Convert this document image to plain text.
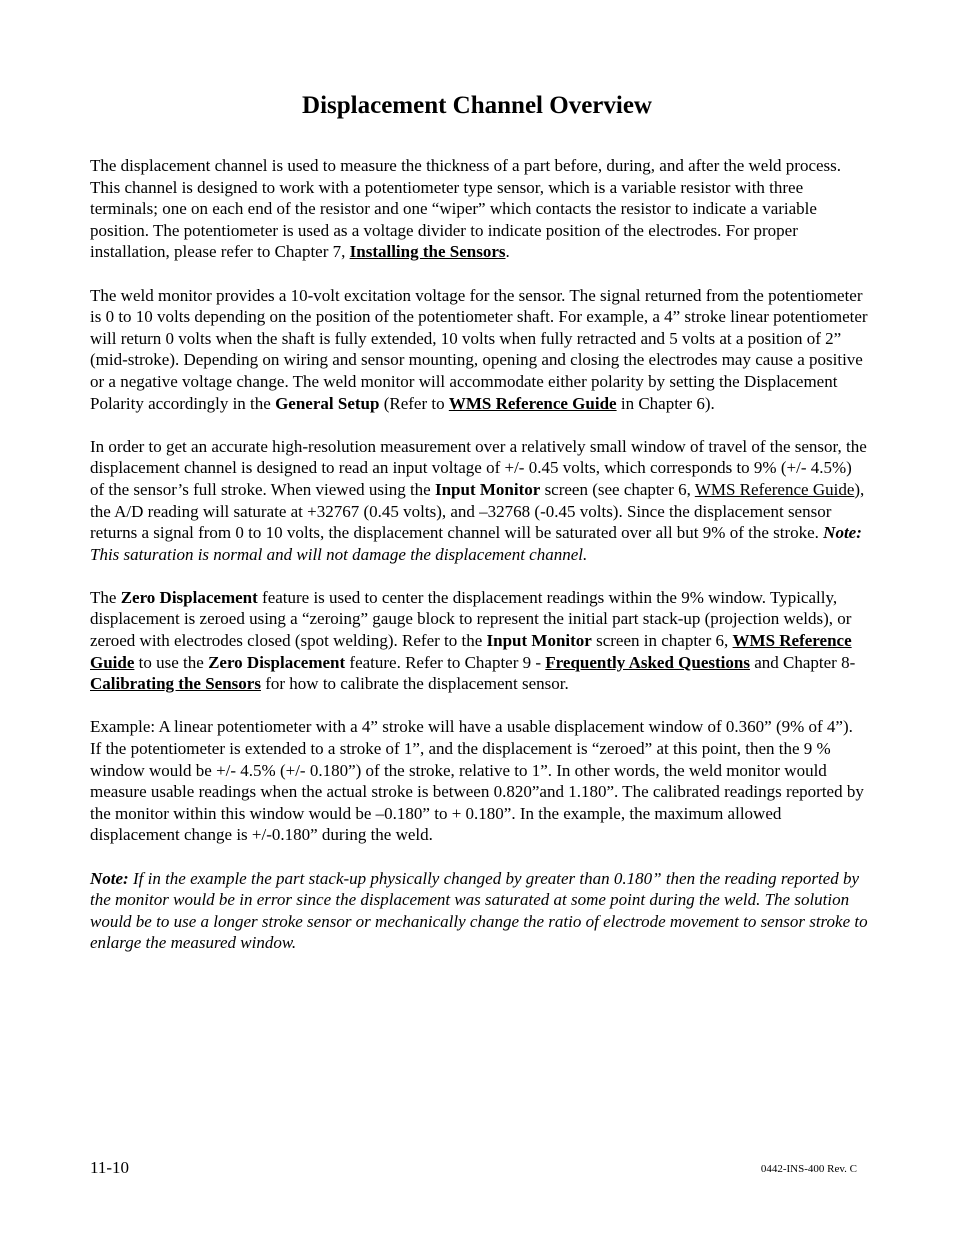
Displacement Channel Overview

The displacement channel is used to measure the thickness of a part before, during, and after the weld process. This channel is designed to work with a potentiometer type sensor, which is a variable resistor with three terminals; one on each end of the resistor and one “wiper” which contacts the resistor to indicate a variable position. The potentiometer is used as a voltage divider to indicate position of the electrodes. For proper installation, please refer to Chapter 7, Installing the Sensors.

The weld monitor provides a 10-volt excitation voltage for the sensor. The signal returned from the potentiometer is 0 to 10 volts depending on the position of the potentiometer shaft. For example, a 4” stroke linear potentiometer will return 0 volts when the shaft is fully extended, 10 volts when fully retracted and 5 volts at a position of 2” (mid-stroke). Depending on wiring and sensor mounting, opening and closing the electrodes may cause a positive or a negative voltage change. The weld monitor will accommodate either polarity by setting the Displacement Polarity accordingly in the General Setup (Refer to WMS Reference Guide in Chapter 6).

In order to get an accurate high-resolution measurement over a relatively small window of travel of the sensor, the displacement channel is designed to read an input voltage of +/- 0.45 volts, which corresponds to 9% (+/- 4.5%) of the sensor’s full stroke. When viewed using the Input Monitor screen (see chapter 6, WMS Reference Guide), the A/D reading will saturate at +32767 (0.45 volts), and –32768 (-0.45 volts). Since the displacement sensor returns a signal from 0 to 10 volts, the displacement channel will be saturated over all but 9% of the stroke. Note: This saturation is normal and will not damage the displacement channel.

The Zero Displacement feature is used to center the displacement readings within the 9% window. Typically, displacement is zeroed using a “zeroing” gauge block to represent the initial part stack-up (projection welds), or zeroed with electrodes closed (spot welding). Refer to the Input Monitor screen in chapter 6, WMS Reference Guide to use the Zero Displacement feature. Refer to Chapter 9 - Frequently Asked Questions and Chapter 8- Calibrating the Sensors for how to calibrate the displacement sensor.

Example: A linear potentiometer with a 4” stroke will have a usable displacement window of 0.360” (9% of 4”). If the potentiometer is extended to a stroke of 1”, and the displacement is “zeroed” at this point, then the 9 % window would be +/- 4.5% (+/- 0.180”) of the stroke, relative to 1”. In other words, the weld monitor would measure usable readings when the actual stroke is between 0.820”and 1.180”. The calibrated readings reported by the monitor within this window would be –0.180” to + 0.180”. In the example, the maximum allowed displacement change is +/-0.180” during the weld.

Note: If in the example the part stack-up physically changed by greater than 0.180” then the reading reported by the monitor would be in error since the displacement was saturated at some point during the weld. The solution would be to use a longer stroke sensor or mechanically change the ratio of electrode movement to sensor stroke to enlarge the measured window.

11-10	0442-INS-400 Rev. C
